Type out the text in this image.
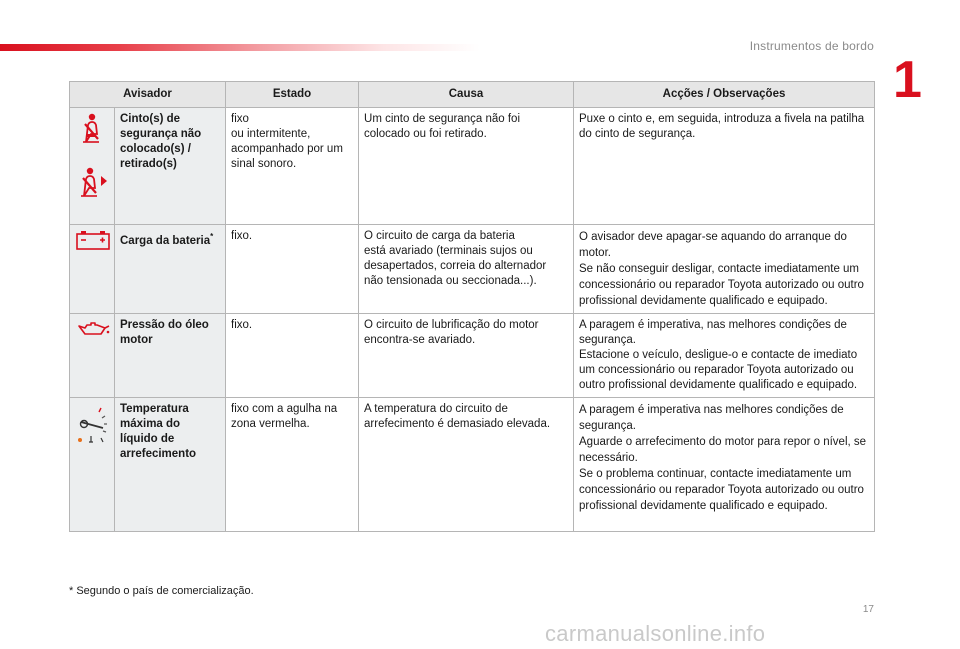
Instrumentos de bordo
1
Avisador		Estado	Causa	Acções / Observações

	Cinto(s) de segurança não colocado(s) / retirado(s)	fixo
ou intermitente,
acompanhado por um sinal sonoro.	Um cinto de segurança não foi colocado ou foi retirado.	Puxe o cinto e, em seguida, introduza a fivela na patilha do cinto de segurança.

	Carga da bateria*	fixo.	O circuito de carga da bateria
está avariado (terminais sujos ou desapertados, correia do alternador não tensionada ou seccionada...).	O avisador deve apagar-se aquando do arranque do motor.
Se não conseguir desligar, contacte imediatamente um concessionário ou reparador Toyota autorizado ou outro profissional devidamente qualificado e equipado.

	Pressão do óleo motor	fixo.	O circuito de lubrificação do motor encontra-se avariado.	A paragem é imperativa, nas melhores condições de segurança.
Estacione o veículo, desligue-o e contacte de imediato um concessionário ou reparador Toyota autorizado ou outro profissional devidamente qualificado e equipado.

	Temperatura máxima do líquido de arrefecimento	fixo com a agulha na zona vermelha.	A temperatura do circuito de arrefecimento é demasiado elevada.	A paragem é imperativa nas melhores condições de segurança.
Aguarde o arrefecimento do motor para repor o nível, se necessário.
Se o problema continuar, contacte imediatamente um concessionário ou reparador Toyota autorizado ou outro profissional devidamente qualificado e equipado.
* Segundo o país de comercialização.
17
carmanualsonline.info
